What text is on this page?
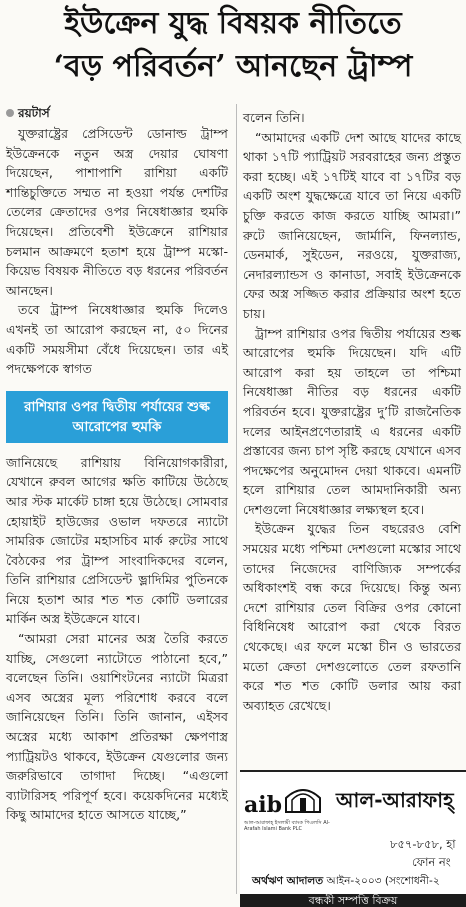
ইউক্রেন যুদ্ধ বিষয়ক নীতিতে
‘বড় পরিবর্তন’ আনছেন ট্রাম্প
রয়টার্স

যুক্তরাষ্ট্রের প্রেসিডেন্ট ডোনাল্ড ট্রাম্প ইউক্রেনকে নতুন অস্ত্র দেয়ার ঘোষণা দিয়েছেন, পাশাপাশি রাশিয়া একটি শান্তিচুক্তিতে সম্মত না হওয়া পর্যন্ত দেশটির তেলের ক্রেতাদের ওপর নিষেধাজ্ঞার হুমকি দিয়েছেন। প্রতিবেশী ইউক্রেনে রাশিয়ার চলমান আক্রমণে হতাশ হয়ে ট্রাম্প মস্কো-কিয়েভ বিষয়ক নীতিতে বড় ধরনের পরিবর্তন আনছেন।

তবে ট্রাম্প নিষেধাজ্ঞার হুমকি দিলেও এখনই তা আরোপ করছেন না, ৫০ দিনের একটি সময়সীমা বেঁধে দিয়েছেন। তার এই পদক্ষেপকে স্বাগত

রাশিয়ার ওপর দ্বিতীয় পর্যায়ের শুল্ক আরোপের হুমকি

জানিয়েছে রাশিয়ায় বিনিয়োগকারীরা, যেখানে রুবল আগের ক্ষতি কাটিয়ে উঠেছে আর স্টক মার্কেট চাঙ্গা হয়ে উঠেছে। সোমবার হোয়াইট হাউজের ওভাল দফতরে ন্যাটো সামরিক জোটের মহাসচিব মার্ক রুটের সাথে বৈঠকের পর ট্রাম্প সাংবাদিকদের বলেন, তিনি রাশিয়ার প্রেসিডেন্ট ভ্লাদিমির পুতিনকে নিয়ে হতাশ আর শত শত কোটি ডলারের মার্কিন অস্ত্র ইউক্রেনে যাবে।

“আমরা সেরা মানের অস্ত্র তৈরি করতে যাচ্ছি, সেগুলো ন্যাটোতে পাঠানো হবে,” বলেছেন তিনি। ওয়াশিংটনের ন্যাটো মিত্ররা এসব অস্ত্রের মূল্য পরিশোধ করবে বলে জানিয়েছেন তিনি। তিনি জানান, এইসব অস্ত্রের মধ্যে আকাশ প্রতিরক্ষা ক্ষেপণাস্ত্র প্যাট্রিয়টও থাকবে, ইউক্রেন যেগুলোর জন্য জরুরিভাবে তাগাদা দিচ্ছে। “এগুলো ব্যাটারিসহ পরিপূর্ণ হবে। কয়েকদিনের মধ্যেই কিছু আমাদের হাতে আসতে যাচ্ছে,”

বলেন তিনি।

“আমাদের একটি দেশ আছে যাদের কাছে থাকা ১৭টি প্যাট্রিয়ট সরবরাহের জন্য প্রস্তুত করা হচ্ছে। এই ১৭টিই যাবে বা ১৭টির বড় একটি অংশ যুদ্ধক্ষেত্রে যাবে তা নিয়ে একটি চুক্তি করতে কাজ করতে যাচ্ছি আমরা।” রুটে জানিয়েছেন, জার্মানি, ফিনল্যান্ড, ডেনমার্ক, সুইডেন, নরওয়ে, যুক্তরাজ্য, নেদারল্যান্ডস ও কানাডা, সবাই ইউক্রেনকে ফের অস্ত্র সজ্জিত করার প্রক্রিয়ার অংশ হতে চায়।

ট্রাম্প রাশিয়ার ওপর দ্বিতীয় পর্যায়ের শুল্ক আরোপের হুমকি দিয়েছেন। যদি এটি আরোপ করা হয় তাহলে তা পশ্চিমা নিষেধাজ্ঞা নীতির বড় ধরনের একটি পরিবর্তন হবে। যুক্তরাষ্ট্রের দু’টি রাজনৈতিক দলের আইনপ্রণেতারাই এ ধরনের একটি প্রস্তাবের জন্য চাপ সৃষ্টি করছে যেখানে এসব পদক্ষেপের অনুমোদন দেয়া থাকবে। এমনটি হলে রাশিয়ার তেল আমদানিকারী অন্য দেশগুলো নিষেধাজ্ঞার লক্ষ্যস্থল হবে।

ইউক্রেন যুদ্ধের তিন বছরেরও বেশি সময়ের মধ্যে পশ্চিমা দেশগুলো মস্কোর সাথে তাদের নিজেদের বাণিজ্যিক সম্পর্কের অধিকাংশই বন্ধ করে দিয়েছে। কিন্তু অন্য দেশে রাশিয়ার তেল বিক্রির ওপর কোনো বিধিনিষেধ আরোপ করা থেকে বিরত থেকেছে। এর ফলে মস্কো চীন ও ভারতের মতো ক্রেতা দেশগুলোতে তেল রফতানি করে শত শত কোটি ডলার আয় করা অব্যাহত রেখেছে।

aib
আল-আরাফাহ্ ইসলামী ব্যাংক পিএলসি Al-Arafah Islami Bank PLC
আল-আরাফাহ্
৮৫৭-৮৫৮, হা
ফোন নং
অর্থঋণ আদালত আইন-২০০৩ (সংশোধনী-২
বন্ধকী সম্পত্তি বিক্রয়
